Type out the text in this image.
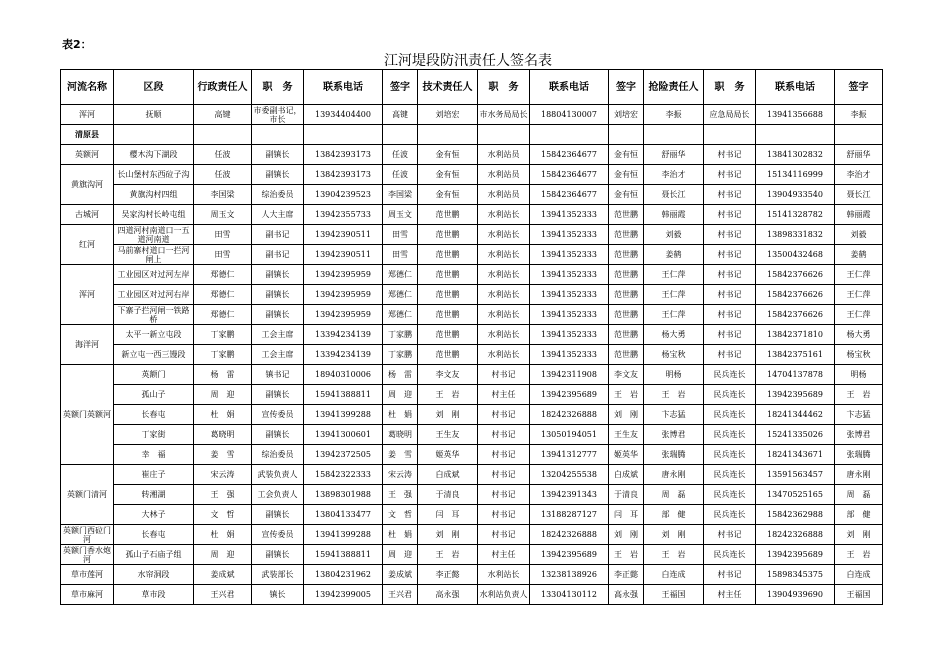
表2：
江河堤段防汛责任人签名表
河流名称	区段	行政责任人	职　务	联系电话	签字	技术责任人	职　务	联系电话	签字	抢险责任人	职　务	联系电话	签字

浑河	抚顺	高键	市委副书记，市长	13934404400	高键	刘培宏	市水务局局长	18804130007	刘培宏	李振	应急局局长	13941356688	李振

清原县													

英额河	樱木沟下湖段	任波	副镇长	13842393173	任波	金有恒	水利站员	15842364677	金有恒	舒丽华	村书记	13841302832	舒丽华

黄旗沟河	长山堡村东西砬子沟	任波	副镇长	13842393173	任波	金有恒	水利站员	15842364677	金有恒	李治才	村书记	15134116999	李治才

	黄旗沟村四组	李国梁	综治委员	13904239523	李国梁	金有恒	水利站员	15842364677	金有恒	聂长江	村书记	13904933540	聂长江

古城河	吴家沟村长岭屯组	周玉文	人大主席	13942355733	周玉文	范世鹏	水利站长	13941352333	范世鹏	韩丽霞	村书记	15141328782	韩丽霞

红河	四道河村南道口一五道河南道	田雪	副书记	13942390511	田雪	范世鹏	水利站长	13941352333	范世鹏	刘毅	村书记	13898331832	刘毅

	马前寨村道口一拦河闸上	田雪	副书记	13942390511	田雪	范世鹏	水利站长	13941352333	范世鹏	姜鹤	村书记	13500432468	姜鹤

浑河	工业园区对过河左岸	郑德仁	副镇长	13942395959	郑德仁	范世鹏	水利站长	13941352333	范世鹏	王仁萍	村书记	15842376626	王仁萍

	工业园区对过河右岸	郑德仁	副镇长	13942395959	郑德仁	范世鹏	水利站长	13941352333	范世鹏	王仁萍	村书记	15842376626	王仁萍

	下寨子拦河闸一铁路桥	郑德仁	副镇长	13942395959	郑德仁	范世鹏	水利站长	13941352333	范世鹏	王仁萍	村书记	15842376626	王仁萍

海洋河	太平一新立屯段	丁家鹏	工会主席	13394234139	丁家鹏	范世鹏	水利站长	13941352333	范世鹏	杨大勇	村书记	13842371810	杨大勇

	新立屯一西三馒段	丁家鹏	工会主席	13394234139	丁家鹏	范世鹏	水利站长	13941352333	范世鹏	杨宝秋	村书记	13842375161	杨宝秋

英额门英额河	英额门	杨　雷	镇书记	18940310006	杨　雷	李文友	村书记	13942311908	李文友	明杨	民兵连长	14704137878	明杨

	孤山子	周　迎	副镇长	15941388811	周　迎	王　岩	村主任	13942395689	王　岩	王　岩	民兵连长	13942395689	王　岩

	长春屯	杜　娟	宣传委员	13941399288	杜　娟	刘　刚	村书记	18242326888	刘　刚	卞志猛	民兵连长	18241344462	卞志猛

	丁家街	葛晓明	副镇长	13941300601	葛晓明	王生友	村书记	13050194051	王生友	张博君	民兵连长	15241335026	张博君

	幸　福	姜　雪	综治委员	13942372505	姜　雪	姬英华	村书记	13941312777	姬英华	张瑞腾	民兵连长	18241343671	张瑞腾

英额门清河	崔庄子	宋云涛	武装负责人	15842322333	宋云涛	白成斌	村书记	13204255538	白成斌	唐永刚	民兵连长	13591563457	唐永刚

	转湘湖	王　强	工会负责人	13898301988	王　强	于清良	村书记	13942391343	于清良	周　磊	民兵连长	13470525165	周　磊

	大林子	文　哲	副镇长	13804133477	文　哲	闫　耳	村书记	13188287127	闫　耳	部　健	民兵连长	15842362988	部　健

英额门西砬门河	长春屯	杜　娟	宣传委员	13941399288	杜　娟	刘　刚	村书记	18242326888	刘　刚	刘　刚	村书记	18242326888	刘　刚

英额门香水炮河	孤山子石庙子组	周　迎	副镇长	15941388811	周　迎	王　岩	村主任	13942395689	王　岩	王　岩	民兵连长	13942395689	王　岩

草市莲河	水帘洞段	姜成斌	武装部长	13804231962	姜成斌	李正懿	水利站长	13238138926	李正懿	白连成	村书记	15898345375	白连成

草市麻河	草市段	王兴君	镇长	13942399005	王兴君	高永强	水利站负责人	13304130112	高永强	王福国	村主任	13904939690	王福国
